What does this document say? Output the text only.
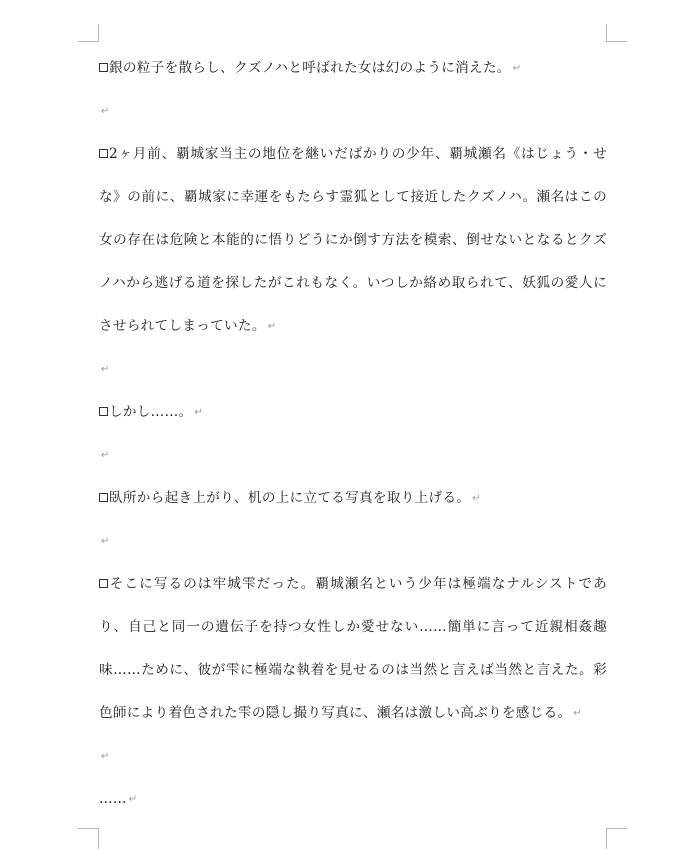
銀の粒子を散らし、クズノハと呼ばれた女は幻のように消えた。 ↵

↵

2ヶ月前、覇城家当主の地位を継いだばかりの少年、覇城瀬名《はじょう・せな》の前に、覇城家に幸運をもたらす霊狐として接近したクズノハ。瀬名はこの女の存在は危険と本能的に悟りどうにか倒す方法を模索、倒せないとなるとクズノハから逃げる道を探したがこれもなく。いつしか絡め取られて、妖狐の愛人にさせられてしまっていた。 ↵

↵

しかし……。 ↵

↵

臥所から起き上がり、机の上に立てる写真を取り上げる。 ↵

↵

そこに写るのは牢城雫だった。覇城瀬名という少年は極端なナルシストであり、自己と同一の遺伝子を持つ女性しか愛せない……簡単に言って近親相姦趣味……ために、彼が雫に極端な執着を見せるのは当然と言えば当然と言えた。彩色師により着色された雫の隠し撮り写真に、瀬名は激しい高ぶりを感じる。 ↵

↵

…… ↵
